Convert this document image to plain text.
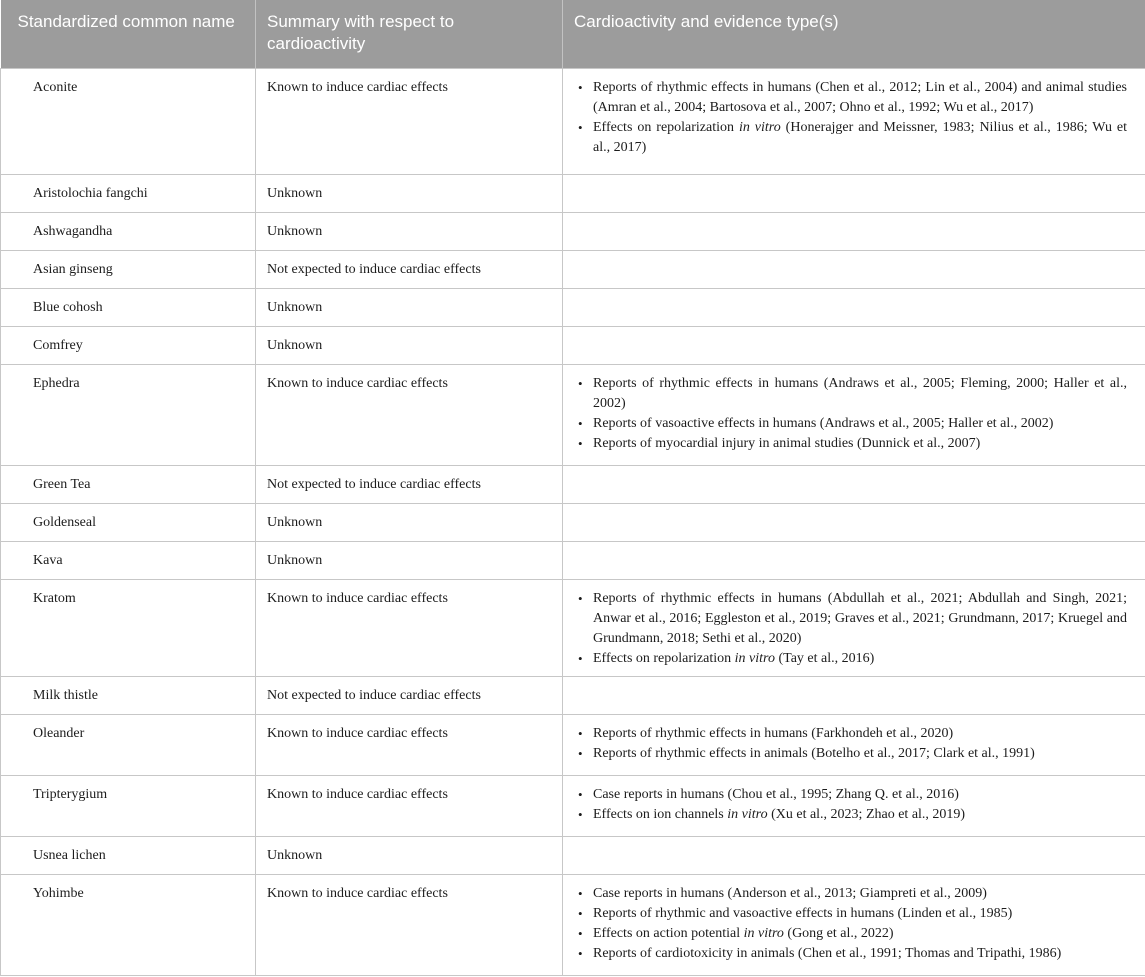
Standardized common name	Summary with respect to cardioactivity	Cardioactivity and evidence type(s)
Aconite	Known to induce cardiac effects	• Reports of rhythmic effects in humans (Chen et al., 2012; Lin et al., 2004) and animal studies (Amran et al., 2004; Bartosova et al., 2007; Ohno et al., 1992; Wu et al., 2017)
• Effects on repolarization in vitro (Honerajger and Meissner, 1983; Nilius et al., 1986; Wu et al., 2017)

Aristolochia fangchi	Unknown	
Ashwagandha	Unknown	
Asian ginseng	Not expected to induce cardiac effects	
Blue cohosh	Unknown	
Comfrey	Unknown	
Ephedra	Known to induce cardiac effects	• Reports of rhythmic effects in humans (Andraws et al., 2005; Fleming, 2000; Haller et al., 2002)
• Reports of vasoactive effects in humans (Andraws et al., 2005; Haller et al., 2002)
• Reports of myocardial injury in animal studies (Dunnick et al., 2007)

Green Tea	Not expected to induce cardiac effects	
Goldenseal	Unknown	
Kava	Unknown	
Kratom	Known to induce cardiac effects	• Reports of rhythmic effects in humans (Abdullah et al., 2021; Abdullah and Singh, 2021; Anwar et al., 2016; Eggleston et al., 2019; Graves et al., 2021; Grundmann, 2017; Kruegel and Grundmann, 2018; Sethi et al., 2020)
• Effects on repolarization in vitro (Tay et al., 2016)

Milk thistle	Not expected to induce cardiac effects	
Oleander	Known to induce cardiac effects	• Reports of rhythmic effects in humans (Farkhondeh et al., 2020)
• Reports of rhythmic effects in animals (Botelho et al., 2017; Clark et al., 1991)

Tripterygium	Known to induce cardiac effects	• Case reports in humans (Chou et al., 1995; Zhang Q. et al., 2016)
• Effects on ion channels in vitro (Xu et al., 2023; Zhao et al., 2019)

Usnea lichen	Unknown	
Yohimbe	Known to induce cardiac effects	• Case reports in humans (Anderson et al., 2013; Giampreti et al., 2009)
• Reports of rhythmic and vasoactive effects in humans (Linden et al., 1985)
• Effects on action potential in vitro (Gong et al., 2022)
• Reports of cardiotoxicity in animals (Chen et al., 1991; Thomas and Tripathi, 1986)
